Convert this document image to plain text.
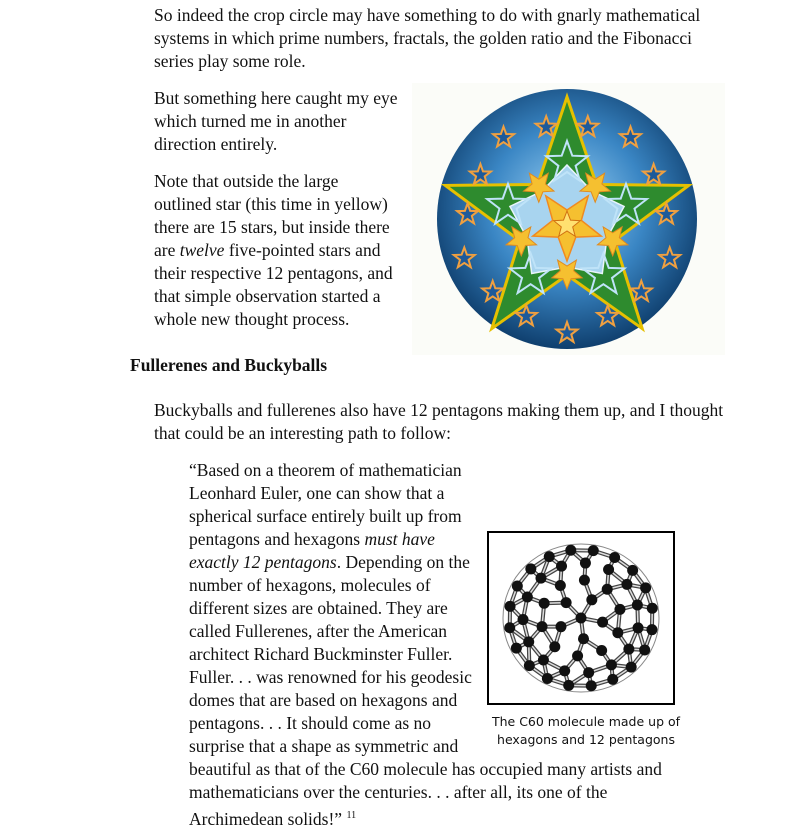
So indeed the crop circle may have something to do with gnarly mathematical systems in which prime numbers, fractals, the golden ratio and the Fibonacci series play some role.

But something here caught my eye which turned me in another direction entirely.

Note that outside the large outlined star (this time in yellow) there are 15 stars, but inside there are twelve five-pointed stars and their respective 12 pentagons, and that simple observation started a whole new thought process.

Fullerenes and Buckyballs

Buckyballs and fullerenes also have 12 pentagons making them up, and I thought that could be an interesting path to follow:

“Based on a theorem of mathematician Leonhard Euler, one can show that a spherical surface entirely built up from pentagons and hexagons must have exactly 12 pentagons. Depending on the number of hexagons, molecules of different sizes are obtained. They are called Fullerenes, after the American architect Richard Buckminster Fuller. Fuller. . . was renowned for his geodesic domes that are based on hexagons and pentagons. . . It should come as no surprise that a shape as symmetric and beautiful as that of the C60 molecule has occupied many artists and mathematicians over the centuries. . . after all, its one of the Archimedean solids!” $^{11}$

The C60 molecule made up of hexagons and 12 pentagons
